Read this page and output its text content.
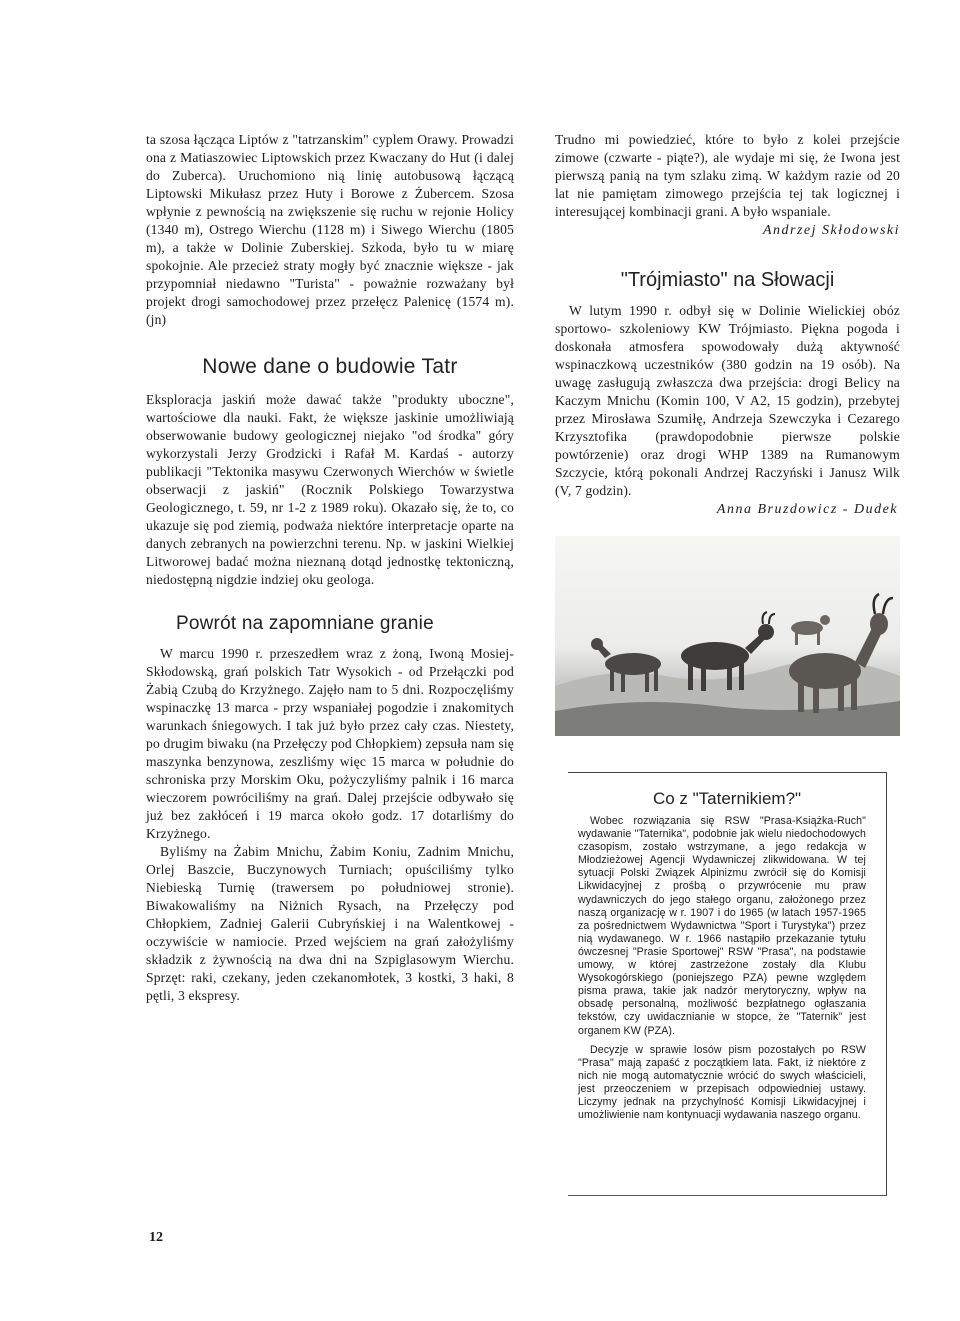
ta szosa łącząca Liptów z "tatrzanskim" cyplem Orawy. Prowadzi ona z Matiaszowiec Liptowskich przez Kwaczany do Hut (i dalej do Zuberca). Uruchomiono nią linię autobusową łączącą Liptowski Mikułasz przez Huty i Borowe z Żubercem. Szosa wpłynie z pewnością na zwiększenie się ruchu w rejonie Holicy (1340 m), Ostrego Wierchu (1128 m) i Siwego Wierchu (1805 m), a także w Dolinie Zuberskiej. Szkoda, było tu w miarę spokojnie. Ale przecież straty mogły być znacznie większe - jak przypomniał niedawno "Turista" - poważnie rozważany był projekt drogi samochodowej przez przełęcz Palenicę (1574 m). (jn)

Nowe dane o budowie Tatr

Eksploracja jaskiń może dawać także "produkty uboczne", wartościowe dla nauki. Fakt, że większe jaskinie umożliwiają obserwowanie budowy geologicznej niejako "od środka" góry wykorzystali Jerzy Grodzicki i Rafał M. Kardaś - autorzy publikacji "Tektonika masywu Czerwonych Wierchów w świetle obserwacji z jaskiń" (Rocznik Polskiego Towarzystwa Geologicznego, t. 59, nr 1-2 z 1989 roku). Okazało się, że to, co ukazuje się pod ziemią, podważa niektóre interpretacje oparte na danych zebranych na powierzchni terenu. Np. w jaskini Wielkiej Litworowej badać można nieznaną dotąd jednostkę tektoniczną, niedostępną nigdzie indziej oku geologa.

Powrót na zapomniane granie

W marcu 1990 r. przeszedłem wraz z żoną, Iwoną Mosiej-Skłodowską, grań polskich Tatr Wysokich - od Przełączki pod Żabią Czubą do Krzyżnego. Zajęło nam to 5 dni. Rozpoczęliśmy wspinaczkę 13 marca - przy wspaniałej pogodzie i znakomitych warunkach śniegowych. I tak już było przez cały czas. Niestety, po drugim biwaku (na Przełęczy pod Chłopkiem) zepsuła nam się maszynka benzynowa, zeszliśmy więc 15 marca w południe do schroniska przy Morskim Oku, pożyczyliśmy palnik i 16 marca wieczorem powróciliśmy na grań. Dalej przejście odbywało się już bez zakłóceń i 19 marca około godz. 17 dotarliśmy do Krzyżnego.

Byliśmy na Żabim Mnichu, Żabim Koniu, Zadnim Mnichu, Orlej Baszcie, Buczynowych Turniach; opuściliśmy tylko Niebieską Turnię (trawersem po południowej stronie). Biwakowaliśmy na Niżnich Rysach, na Przełęczy pod Chłopkiem, Zadniej Galerii Cubryńskiej i na Walentkowej - oczywiście w namiocie. Przed wejściem na grań założyliśmy składzik z żywnością na dwa dni na Szpiglasowym Wierchu. Sprzęt: raki, czekany, jeden czekanomłotek, 3 kostki, 3 haki, 8 pętli, 3 ekspresy.

Trudno mi powiedzieć, które to było z kolei przejście zimowe (czwarte - piąte?), ale wydaje mi się, że Iwona jest pierwszą panią na tym szlaku zimą. W każdym razie od 20 lat nie pamiętam zimowego przejścia tej tak logicznej i interesującej kombinacji grani. A było wspaniale.

Andrzej Skłodowski
"Trójmiasto" na Słowacji

W lutym 1990 r. odbył się w Dolinie Wielickiej obóz sportowo- szkoleniowy KW Trójmiasto. Piękna pogoda i doskonała atmosfera spowodowały dużą aktywność wspinaczkową uczestników (380 godzin na 19 osób). Na uwagę zasługują zwłaszcza dwa przejścia: drogi Belicy na Kaczym Mnichu (Komin 100, V A2, 15 godzin), przebytej przez Mirosława Szumiłę, Andrzeja Szewczyka i Cezarego Krzysztofika (prawdopodobnie pierwsze polskie powtórzenie) oraz drogi WHP 1389 na Rumanowym Szczycie, którą pokonali Andrzej Raczyński i Janusz Wilk (V, 7 godzin).

Anna Bruzdowicz - Dudek
Co z "Taternikiem?"

Wobec rozwiązania się RSW "Prasa-Książka-Ruch" wydawanie "Taternika", podobnie jak wielu niedochodowych czasopism, zostało wstrzymane, a jego redakcja w Młodzieżowej Agencji Wydawniczej zlikwidowana. W tej sytuacji Polski Związek Alpinizmu zwrócił się do Komisji Likwidacyjnej z prośbą o przywrócenie mu praw wydawniczych do jego stałego organu, założonego przez naszą organizację w r. 1907 i do 1965 (w latach 1957-1965 za pośrednictwem Wydawnictwa "Sport i Turystyka") przez nią wydawanego. W r. 1966 nastąpiło przekazanie tytułu ówczesnej "Prasie Sportowej" RSW "Prasa", na podstawie umowy, w której zastrzeżone zostały dla Klubu Wysokogórskiego (poniejszego PZA) pewne względem pisma prawa, takie jak nadzór merytoryczny, wpływ na obsadę personalną, możliwość bezpłatnego ogłaszania tekstów, czy uwidacznianie w stopce, że "Taternik" jest organem KW (PZA).

Decyzje w sprawie losów pism pozostałych po RSW "Prasa" mają zapaść z początkiem lata. Fakt, iż niektóre z nich nie mogą automatycznie wrócić do swych właścicieli, jest przeoczeniem w przepisach odpowiedniej ustawy. Liczymy jednak na przychylność Komisji Likwidacyjnej i umożliwienie nam kontynuacji wydawania naszego organu.

12
